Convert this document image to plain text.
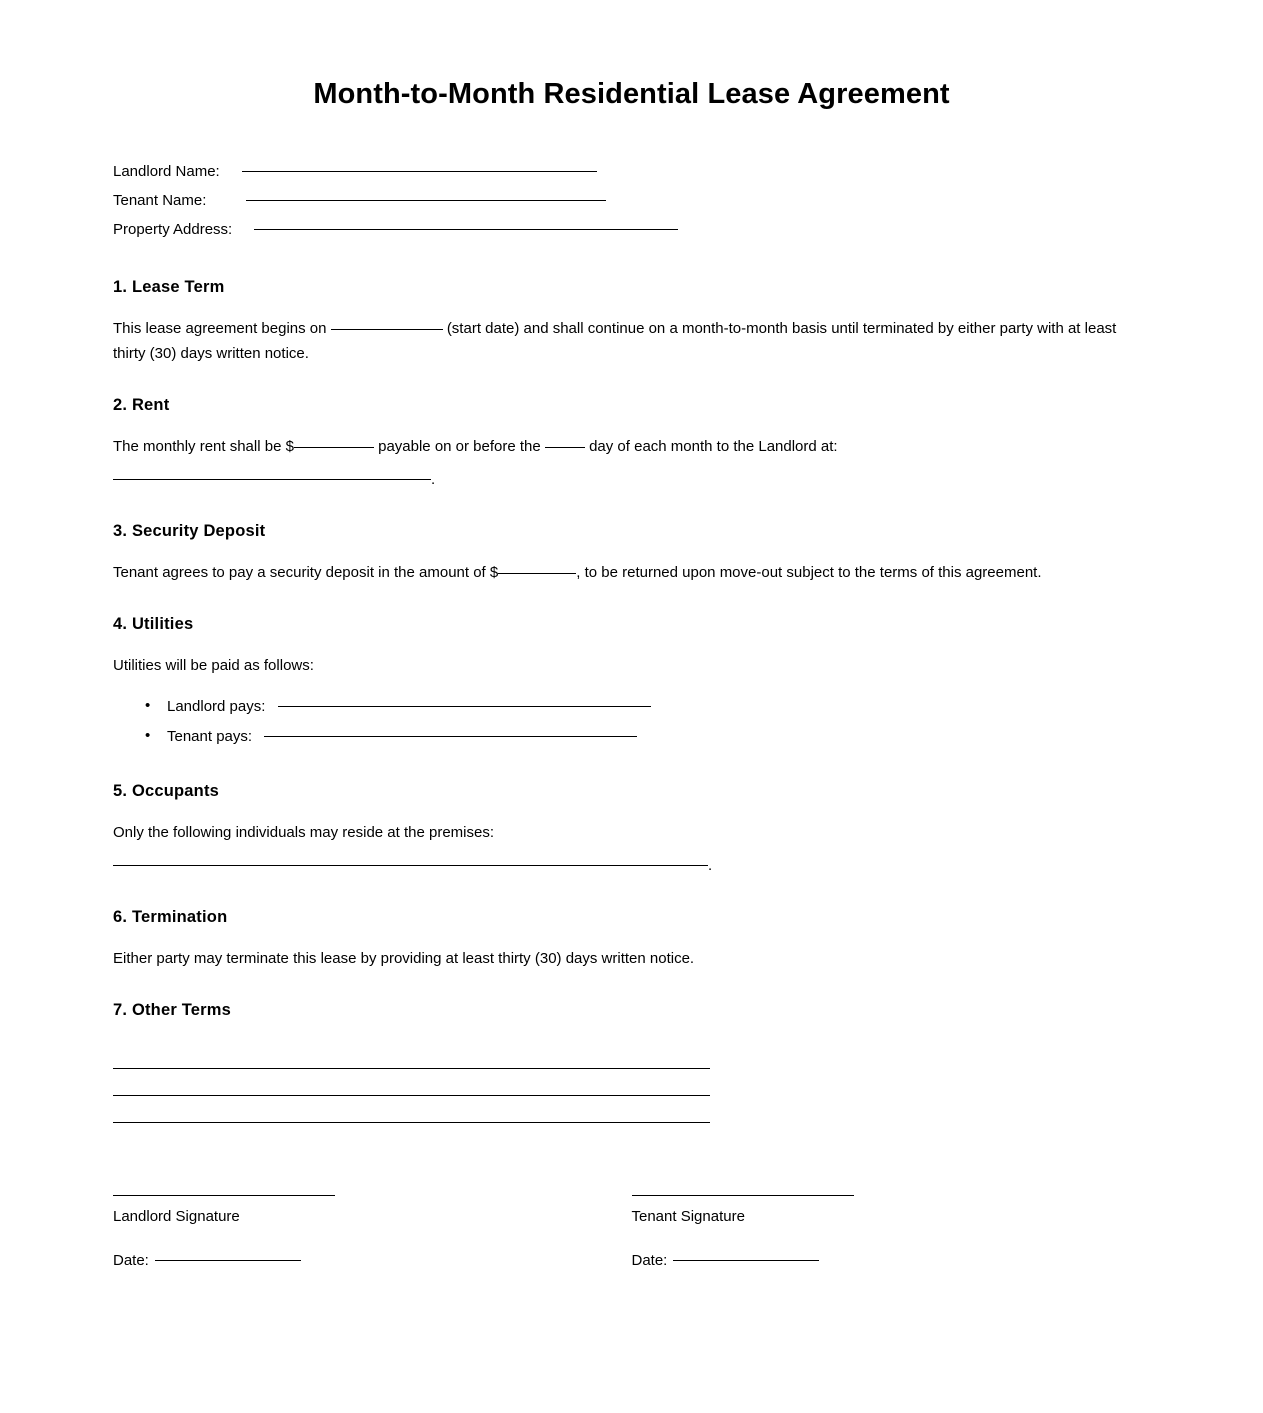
Month-to-Month Residential Lease Agreement
Landlord Name:
Tenant Name:
Property Address:
1. Lease Term

This lease agreement begins on	(start date) and shall continue on a month-to-month basis until terminated by either party with at least thirty (30) days written notice.

2. Rent

The monthly rent shall be $	payable on or before the	day of each month to the Landlord at:

.

3. Security Deposit

Tenant agrees to pay a security deposit in the amount of $	, to be returned upon move-out subject to the terms of this agreement.

4. Utilities

Utilities will be paid as follows:

• Landlord pays:
• Tenant pays:
5. Occupants

Only the following individuals may reside at the premises:

.

6. Termination

Either party may terminate this lease by providing at least thirty (30) days written notice.

7. Other Terms
Landlord Signature
Date:
Tenant Signature
Date:
